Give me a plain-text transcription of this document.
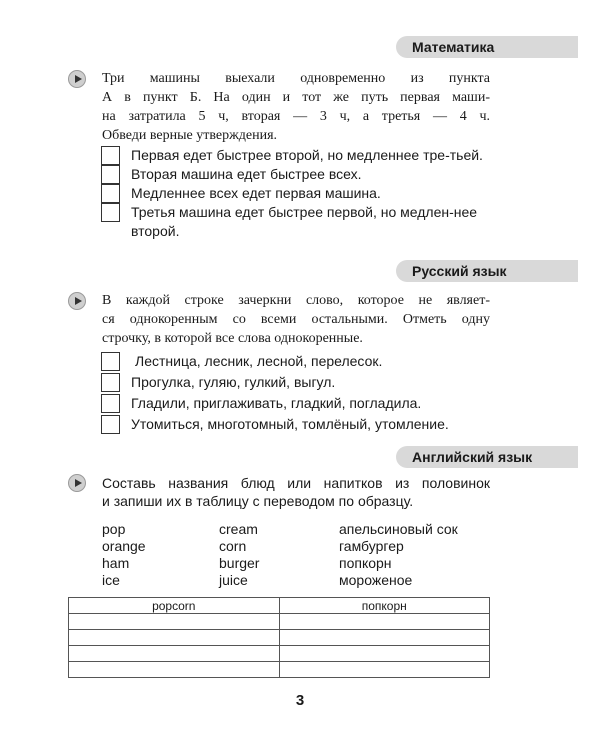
Математика
Три машины выехали одновременно из пункта
А в пункт Б. На один и тот же путь первая маши-
на затратила 5 ч, вторая — 3 ч, а третья — 4 ч.
Обведи верные утверждения.
Первая едет быстрее второй, но медленнее тре-тьей.
Вторая машина едет быстрее всех.
Медленнее всех едет первая машина.
Третья машина едет быстрее первой, но медлен-нее второй.
Русский язык
В каждой строке зачеркни слово, которое не являет-
ся однокоренным со всеми остальными. Отметь одну
строчку, в которой все слова однокоренные.
Лестница, лесник, лесной, перелесок.
Прогулка, гуляю, гулкий, выгул.
Гладили, приглаживать, гладкий, погладила.
Утомиться, многотомный, томлёный, утомление.
Английский язык
Составь названия блюд или напитков из половинок
и запиши их в таблицу с переводом по образцу.
pop	cream	апельсиновый сок
orange	corn	гамбургер
ham	burger	попкорн
ice	juice	мороженое
popcorn	попкорн

3
